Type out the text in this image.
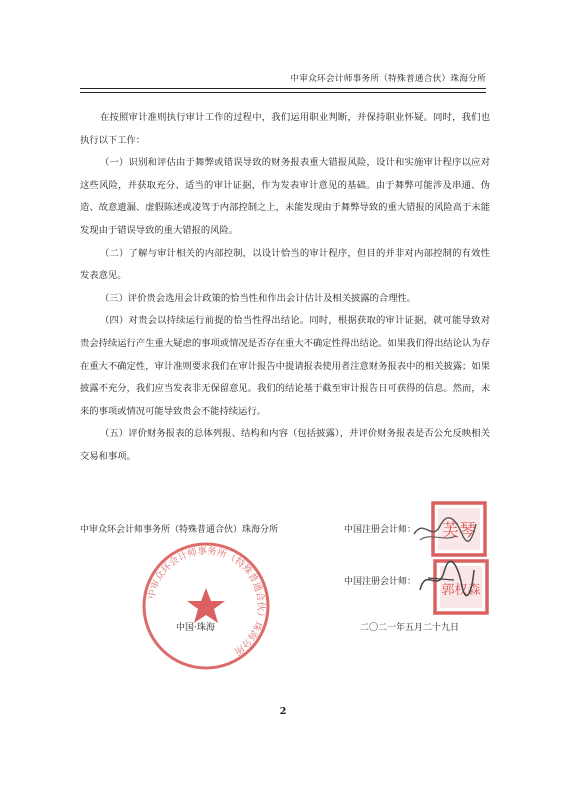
中审众环会计师事务所（特殊普通合伙）珠海分所

在按照审计准则执行审计工作的过程中，我们运用职业判断，并保持职业怀疑。同时，我们也执行以下工作：

（一）识别和评估由于舞弊或错误导致的财务报表重大错报风险，设计和实施审计程序以应对这些风险，并获取充分、适当的审计证据，作为发表审计意见的基础。由于舞弊可能涉及串通、伪造、故意遗漏、虚假陈述或凌驾于内部控制之上，未能发现由于舞弊导致的重大错报的风险高于未能发现由于错误导致的重大错报的风险。

（二）了解与审计相关的内部控制，以设计恰当的审计程序，但目的并非对内部控制的有效性发表意见。

（三）评价贵会选用会计政策的恰当性和作出会计估计及相关披露的合理性。

（四）对贵会以持续运行前提的恰当性得出结论。同时，根据获取的审计证据，就可能导致对贵会持续运行产生重大疑虑的事项或情况是否存在重大不确定性得出结论。如果我们得出结论认为存在重大不确定性，审计准则要求我们在审计报告中提请报表使用者注意财务报表中的相关披露；如果披露不充分，我们应当发表非无保留意见。我们的结论基于截至审计报告日可获得的信息。然而，未来的事项或情况可能导致贵会不能持续运行。

（五）评价财务报表的总体列报、结构和内容（包括披露），并评价财务报表是否公允反映相关交易和事项。

中审众环会计师事务所（特殊普通合伙）珠海分所
芙琴
郭权森
中审众环会计师事务所（特殊普通合伙）珠海分所	中国注册会计师：
中国注册会计师：
中国·珠海	二〇二一年五月二十九日
2
